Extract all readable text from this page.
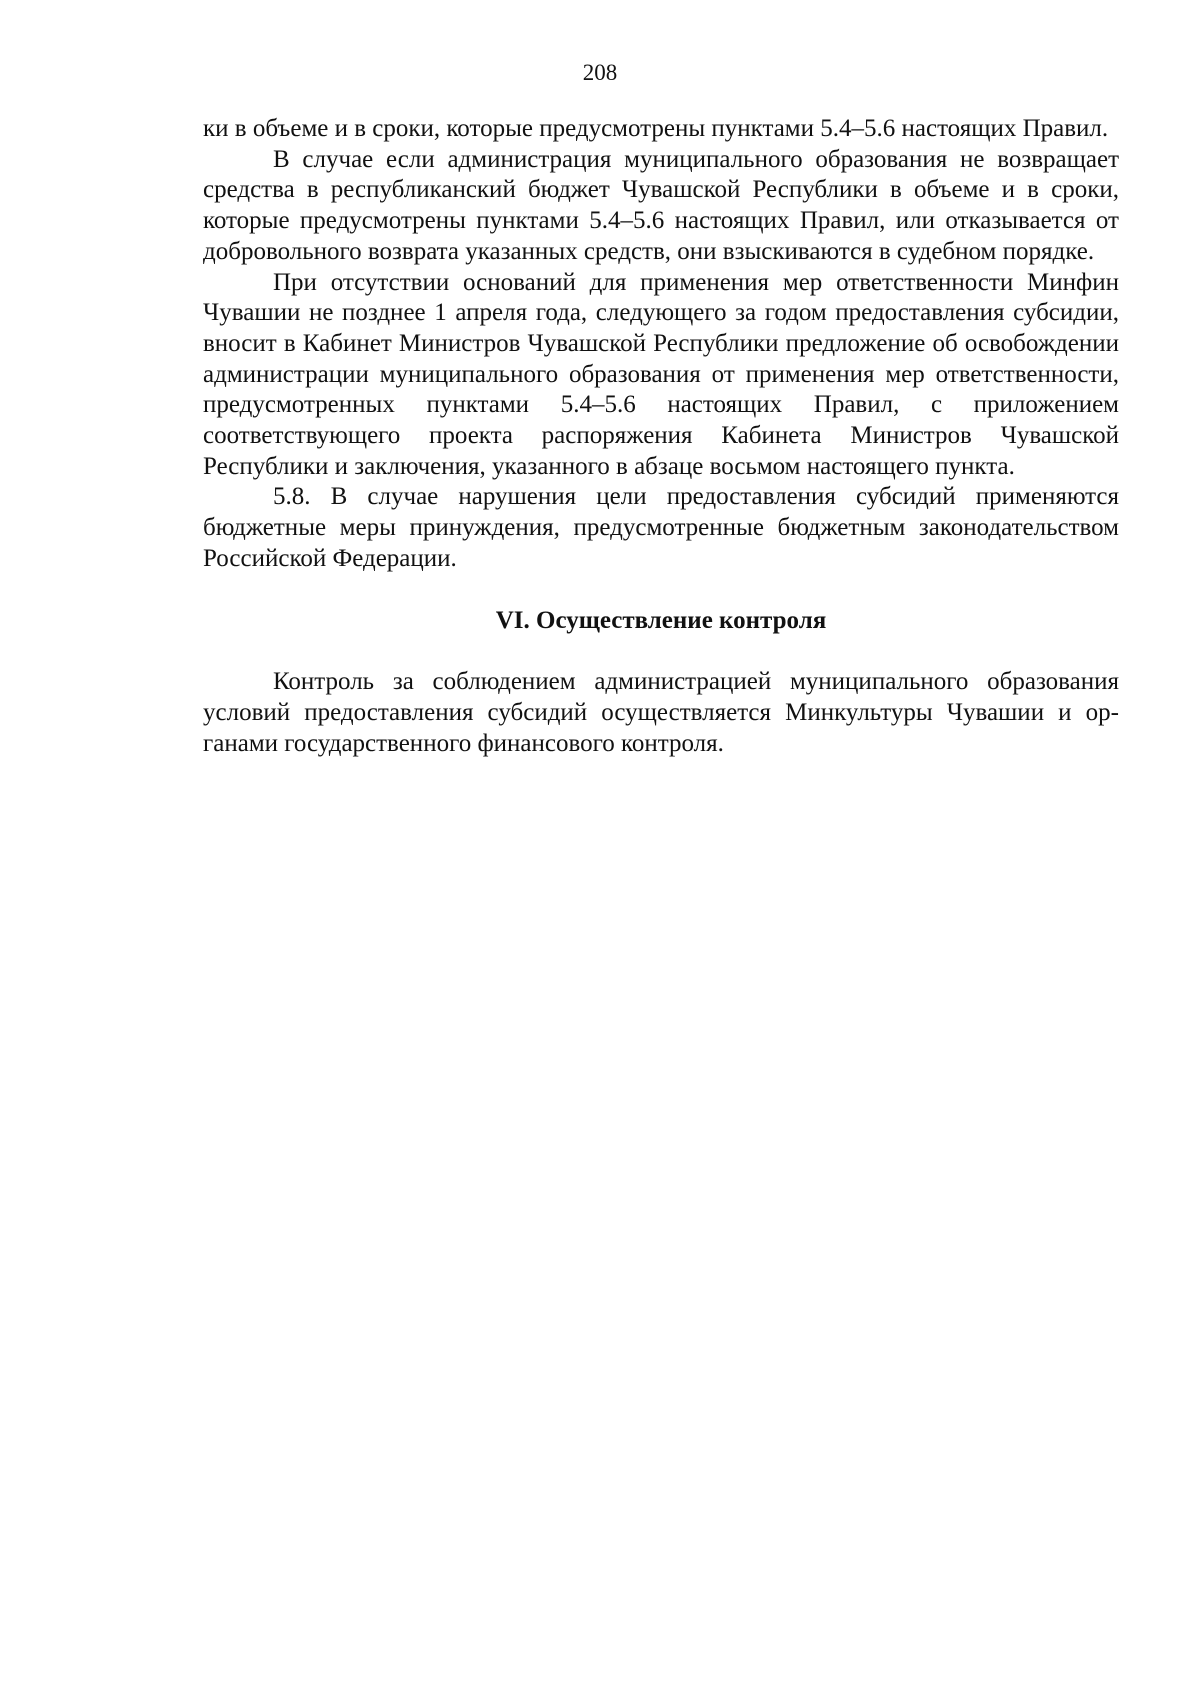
208

ки в объеме и в сроки, которые предусмотрены пунктами 5.4–5.6 настоящих Правил.

В случае если администрация муниципального образования не возвращает средства в республиканский бюджет Чувашской Республики в объеме и в сроки, которые предусмотрены пунктами 5.4–5.6 настоящих Правил, или отказывается от добровольного возврата указанных средств, они взыскиваются в судебном порядке.

При отсутствии оснований для применения мер ответственности Минфин Чувашии не позднее 1 апреля года, следующего за годом предоставления субсидии, вносит в Кабинет Министров Чувашской Республики предложение об освобождении администрации муниципального образования от применения мер ответственности, предусмотренных пунктами 5.4–5.6 настоящих Правил, с приложением соответствующего проекта распоряжения Кабинета Министров Чувашской Республики и заключения, указанного в абзаце восьмом настоящего пункта.

5.8. В случае нарушения цели предоставления субсидий применяются бюджетные меры принуждения, предусмотренные бюджетным законодательством Российской Федерации.

VI. Осуществление контроля

Контроль за соблюдением администрацией муниципального образования условий предоставления субсидий осуществляется Минкультуры Чувашии и органами государственного финансового контроля.
